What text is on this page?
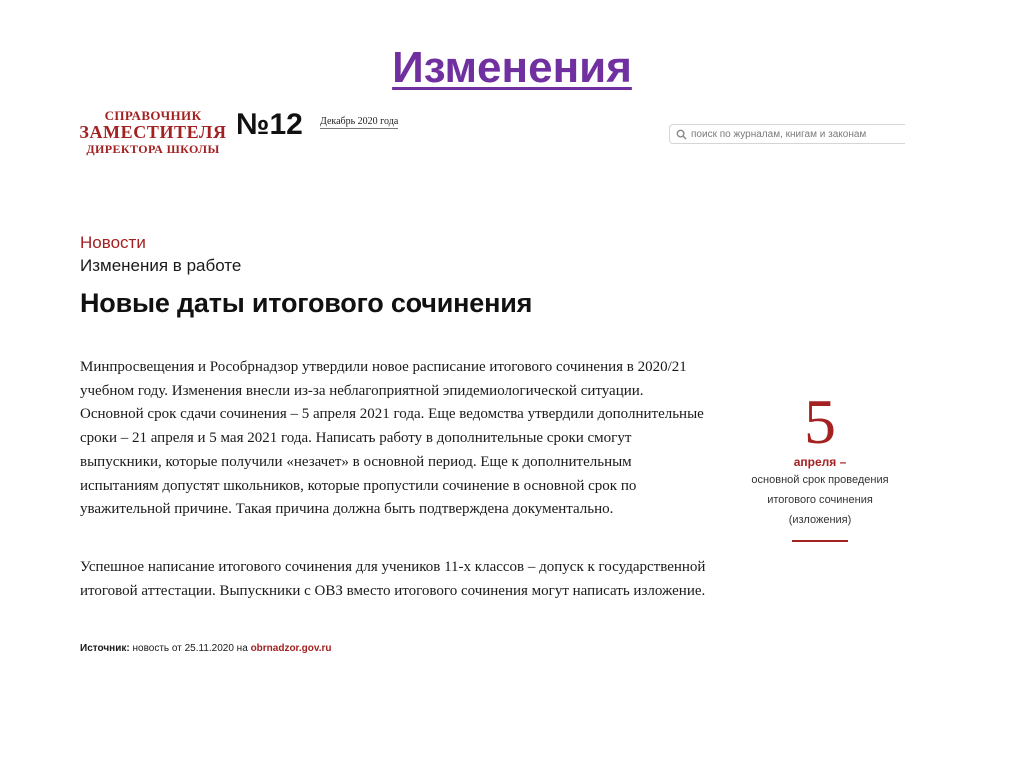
Изменения
СПРАВОЧНИК
ЗАМЕСТИТЕЛЯ
ДИРЕКТОРА ШКОЛЫ
№12 Декабрь 2020 года
поиск по журналам, книгам и законам
Новости
Изменения в работе
Новые даты итогового сочинения

Минпросвещения и Рособрнадзор утвердили новое расписание итогового сочинения в 2020/21 учебном году. Изменения внесли из-за неблагоприятной эпидемиологической ситуации. Основной срок сдачи сочинения – 5 апреля 2021 года. Еще ведомства утвердили дополнительные сроки – 21 апреля и 5 мая 2021 года. Написать работу в дополнительные сроки смогут выпускники, которые получили «незачет» в основной период. Еще к дополнительным испытаниям допустят школьников, которые пропустили сочинение в основной срок по уважительной причине. Такая причина должна быть подтверждена документально.

Успешное написание итогового сочинения для учеников 11-х классов – допуск к государственной итоговой аттестации. Выпускники с ОВЗ вместо итогового сочинения могут написать изложение.

Источник: новость от 25.11.2020 на obrnadzor.gov.ru
5
апреля –
основной срок проведения
итогового сочинения
(изложения)
